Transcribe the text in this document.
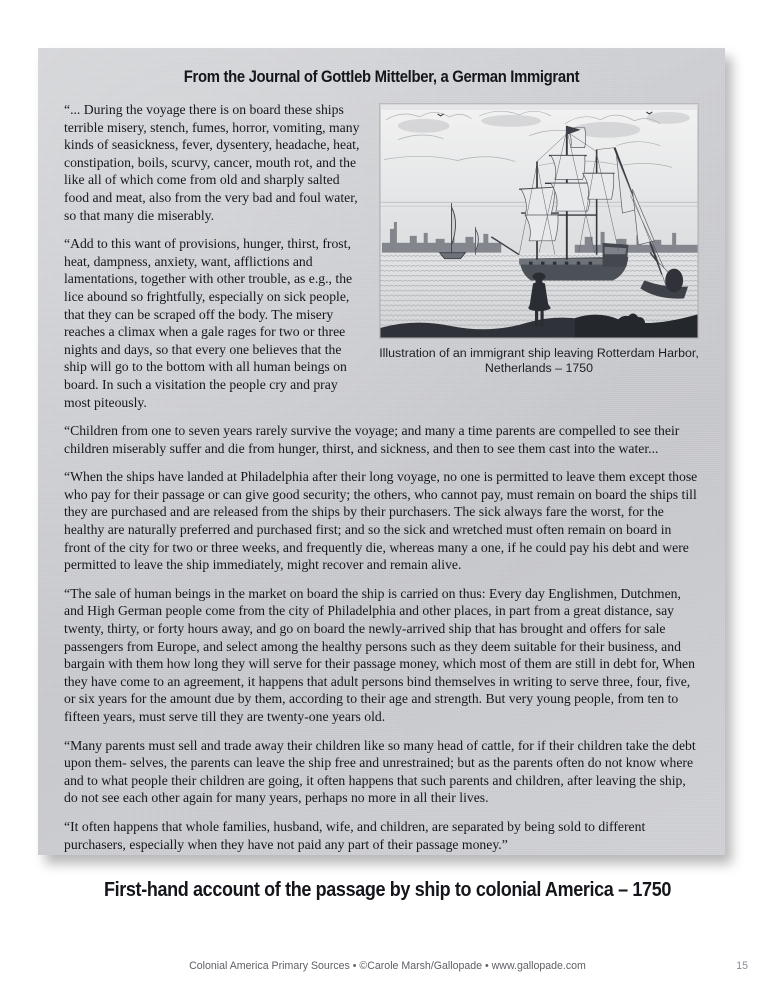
From the Journal of Gottleb Mittelber, a German Immigrant
Illustration of an immigrant ship leaving Rotterdam Harbor, Netherlands – 1750

“... During the voyage there is on board these ships terrible misery, stench, fumes, horror, vomiting, many kinds of seasickness, fever, dysentery, headache, heat, constipation, boils, scurvy, cancer, mouth rot, and the like all of which come from old and sharply salted food and meat, also from the very bad and foul water, so that many die miserably.

“Add to this want of provisions, hunger, thirst, frost, heat, dampness, anxiety, want, afflictions and lamentations, together with other trouble, as e.g., the lice abound so frightfully, especially on sick people, that they can be scraped off the body. The misery reaches a climax when a gale rages for two or three nights and days, so that every one believes that the ship will go to the bottom with all human beings on board. In such a visitation the people cry and pray most piteously.

“Children from one to seven years rarely survive the voyage; and many a time parents are compelled to see their children miserably suffer and die from hunger, thirst, and sickness, and then to see them cast into the water...

“When the ships have landed at Philadelphia after their long voyage, no one is permitted to leave them except those who pay for their passage or can give good security; the others, who cannot pay, must remain on board the ships till they are purchased and are released from the ships by their purchasers. The sick always fare the worst, for the healthy are naturally preferred and purchased first; and so the sick and wretched must often remain on board in front of the city for two or three weeks, and frequently die, whereas many a one, if he could pay his debt and were permitted to leave the ship immediately, might recover and remain alive.

“The sale of human beings in the market on board the ship is carried on thus: Every day Englishmen, Dutchmen, and High German people come from the city of Philadelphia and other places, in part from a great distance, say twenty, thirty, or forty hours away, and go on board the newly-arrived ship that has brought and offers for sale passengers from Europe, and select among the healthy persons such as they deem suitable for their business, and bargain with them how long they will serve for their passage money, which most of them are still in debt for, When they have come to an agreement, it happens that adult persons bind themselves in writing to serve three, four, five, or six years for the amount due by them, according to their age and strength. But very young people, from ten to fifteen years, must serve till they are twenty-one years old.

“Many parents must sell and trade away their children like so many head of cattle, for if their children take the debt upon them- selves, the parents can leave the ship free and unrestrained; but as the parents often do not know where and to what people their children are going, it often happens that such parents and children, after leaving the ship, do not see each other again for many years, perhaps no more in all their lives.

“It often happens that whole families, husband, wife, and children, are separated by being sold to different purchasers, especially when they have not paid any part of their passage money.”

First-hand account of the passage by ship to colonial America – 1750
Colonial America Primary Sources • ©Carole Marsh/Gallopade • www.gallopade.com	15
